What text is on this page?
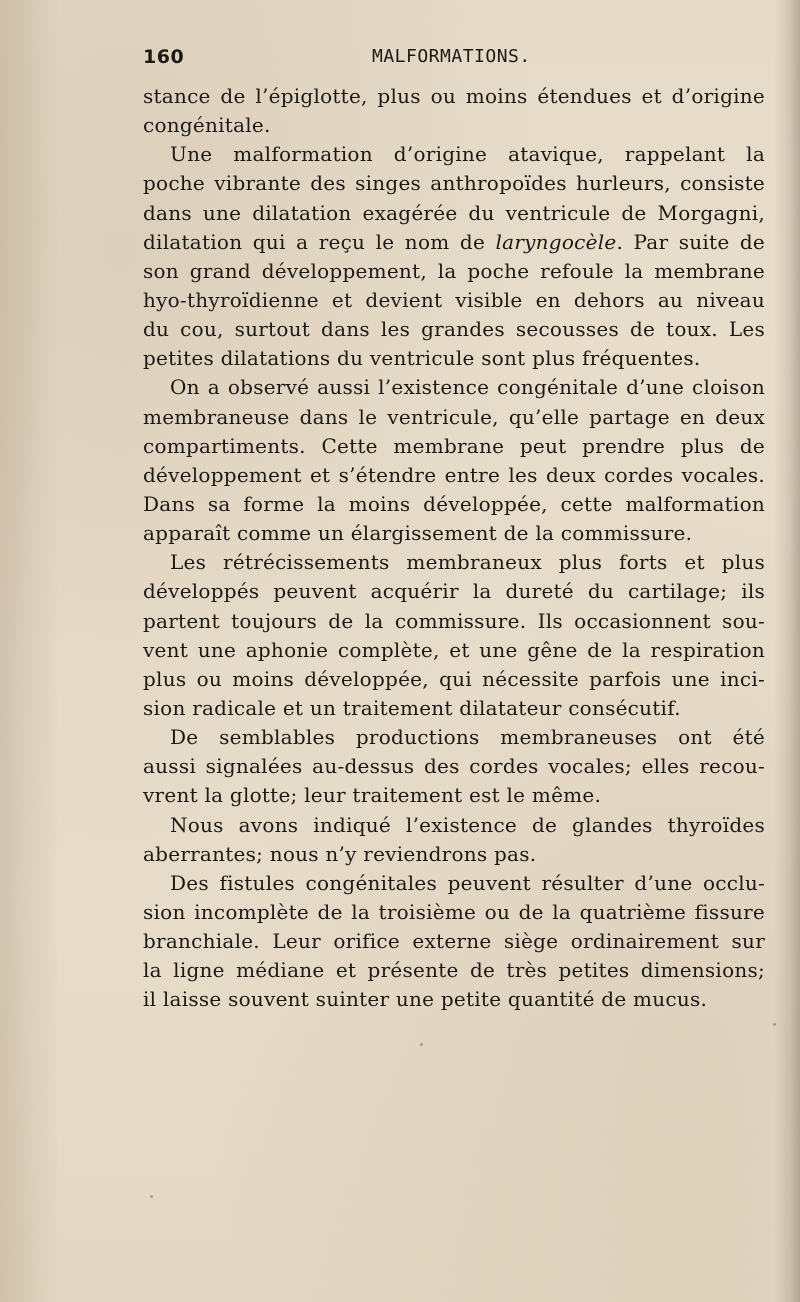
160	MALFORMATIONS.
stance de l’épiglotte, plus ou moins étendues et d’origine
congénitale.
Une malformation d’origine atavique, rappelant la
poche vibrante des singes anthropoïdes hurleurs, consiste
dans une dilatation exagérée du ventricule de Morgagni,
dilatation qui a reçu le nom de laryngocèle. Par suite de
son grand développement, la poche refoule la membrane
hyo-thyroïdienne et devient visible en dehors au niveau
du cou, surtout dans les grandes secousses de toux. Les
petites dilatations du ventricule sont plus fréquentes.
On a observé aussi l’existence congénitale d’une cloison
membraneuse dans le ventricule, qu’elle partage en deux
compartiments. Cette membrane peut prendre plus de
développement et s’étendre entre les deux cordes vocales.
Dans sa forme la moins développée, cette malformation
apparaît comme un élargissement de la commissure.
Les rétrécissements membraneux plus forts et plus
développés peuvent acquérir la dureté du cartilage; ils
partent toujours de la commissure. Ils occasionnent sou-
vent une aphonie complète, et une gêne de la respiration
plus ou moins développée, qui nécessite parfois une inci-
sion radicale et un traitement dilatateur consécutif.
De semblables productions membraneuses ont été
aussi signalées au-dessus des cordes vocales; elles recou-
vrent la glotte; leur traitement est le même.
Nous avons indiqué l’existence de glandes thyroïdes
aberrantes; nous n’y reviendrons pas.
Des fistules congénitales peuvent résulter d’une occlu-
sion incomplète de la troisième ou de la quatrième fissure
branchiale. Leur orifice externe siège ordinairement sur
la ligne médiane et présente de très petites dimensions;
il laisse souvent suinter une petite quantité de mucus.
